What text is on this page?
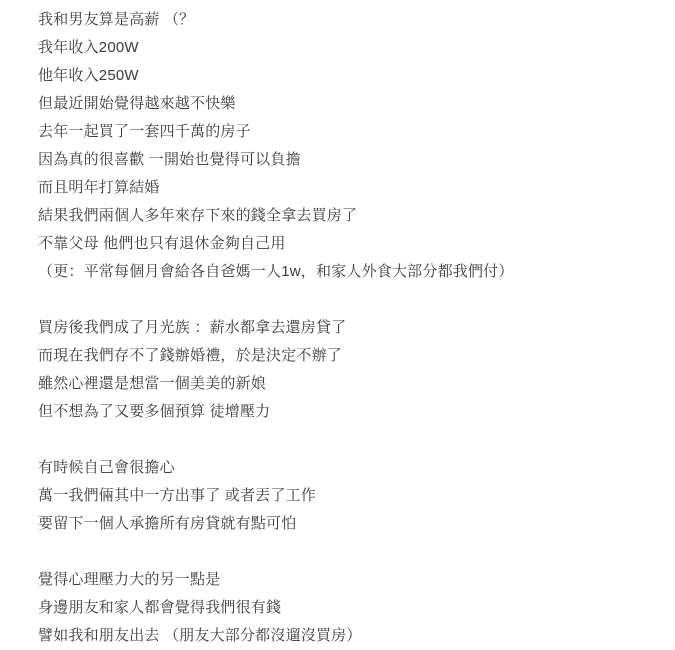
我和男友算是高薪 （？
我年收入200W
他年收入250W
但最近開始覺得越來越不快樂
去年一起買了一套四千萬的房子
因為真的很喜歡 一開始也覺得可以負擔
而且明年打算結婚
結果我們兩個人多年來存下來的錢全拿去買房了
不靠父母 他們也只有退休金夠自己用
（更：平常每個月會給各自爸媽一人1w，和家人外食大部分都我們付）
買房後我們成了月光族 ：薪水都拿去還房貸了
而現在我們存不了錢辦婚禮，於是決定不辦了
雖然心裡還是想當一個美美的新娘
但不想為了又要多個預算 徒增壓力
有時候自己會很擔心
萬一我們倆其中一方出事了 或者丟了工作
要留下一個人承擔所有房貸就有點可怕
覺得心理壓力大的另一點是
身邊朋友和家人都會覺得我們很有錢
譬如我和朋友出去 （朋友大部分都沒遛沒買房）
